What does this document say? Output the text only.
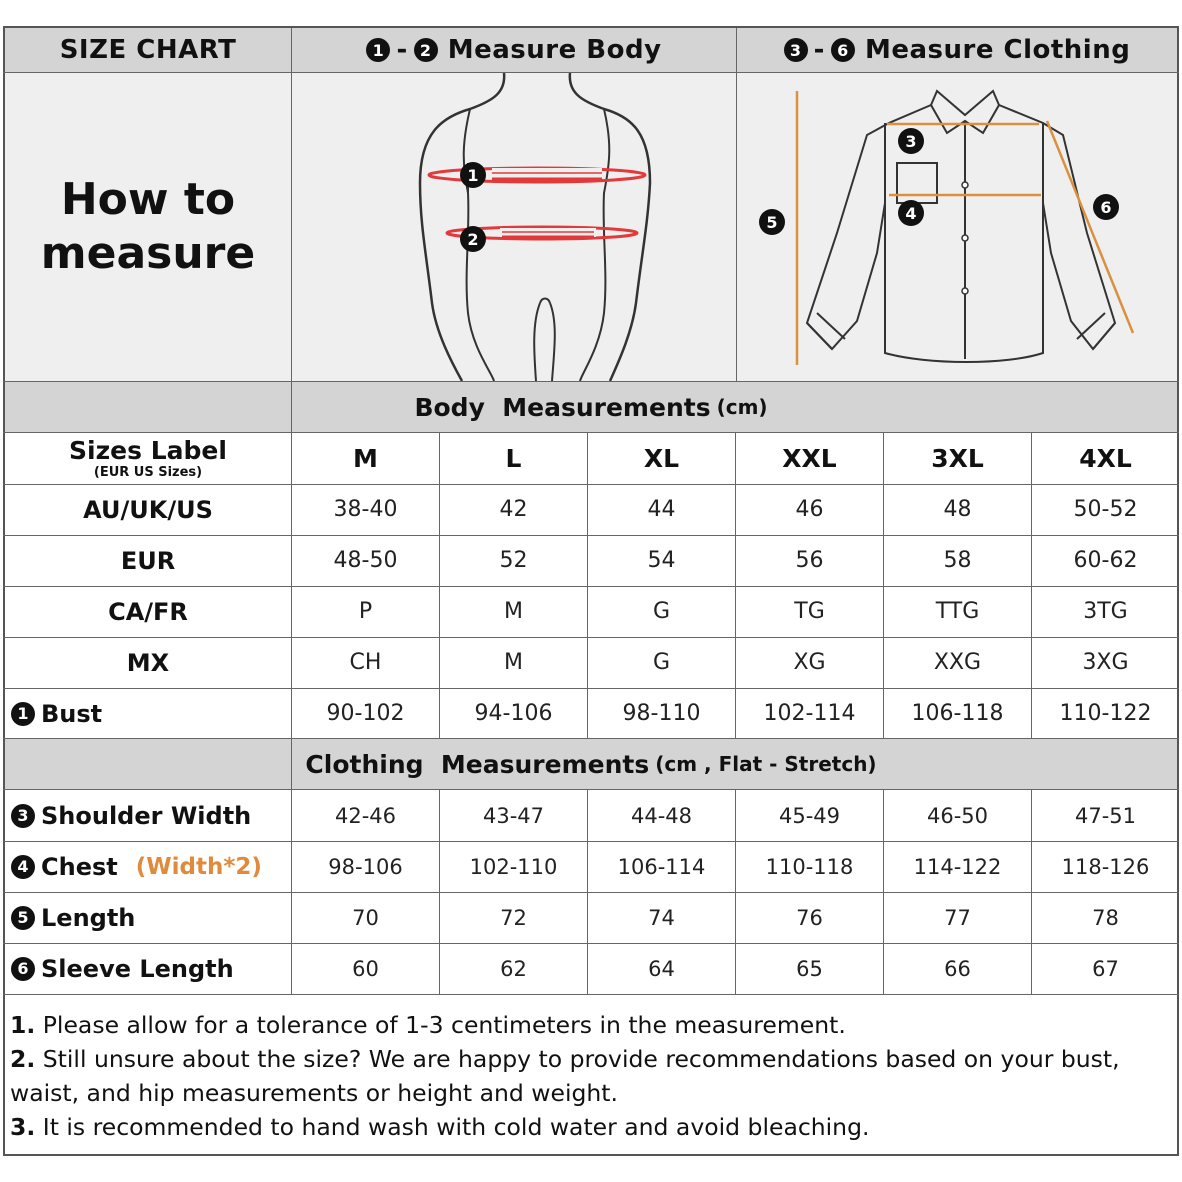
SIZE CHART	1 - 2 Measure Body	3 - 6 Measure Clothing
How to
measure
1
2
3
4
5
6
Body  Measurements (cm)
Sizes Label
(EUR US Sizes)	M	L	XL	XXL	3XL	4XL
AU/UK/US	38-40	42	44	46	48	50-52
EUR	48-50	52	54	56	58	60-62
CA/FR	P	M	G	TG	TTG	3TG
MX	CH	M	G	XG	XXG	3XG
1 Bust	90-102	94-106	98-110	102-114	106-118	110-122
Clothing  Measurements (cm , Flat - Stretch)
3 Shoulder Width	42-46	43-47	44-48	45-49	46-50	47-51
4 Chest (Width*2)	98-106	102-110	106-114	110-118	114-122	118-126
5 Length	70	72	74	76	77	78
6 Sleeve Length	60	62	64	65	66	67
1. Please allow for a tolerance of 1-3 centimeters in the measurement.
2. Still unsure about the size? We are happy to provide recommendations based on your bust, waist, and hip measurements or height and weight.
3. It is recommended to hand wash with cold water and avoid bleaching.
